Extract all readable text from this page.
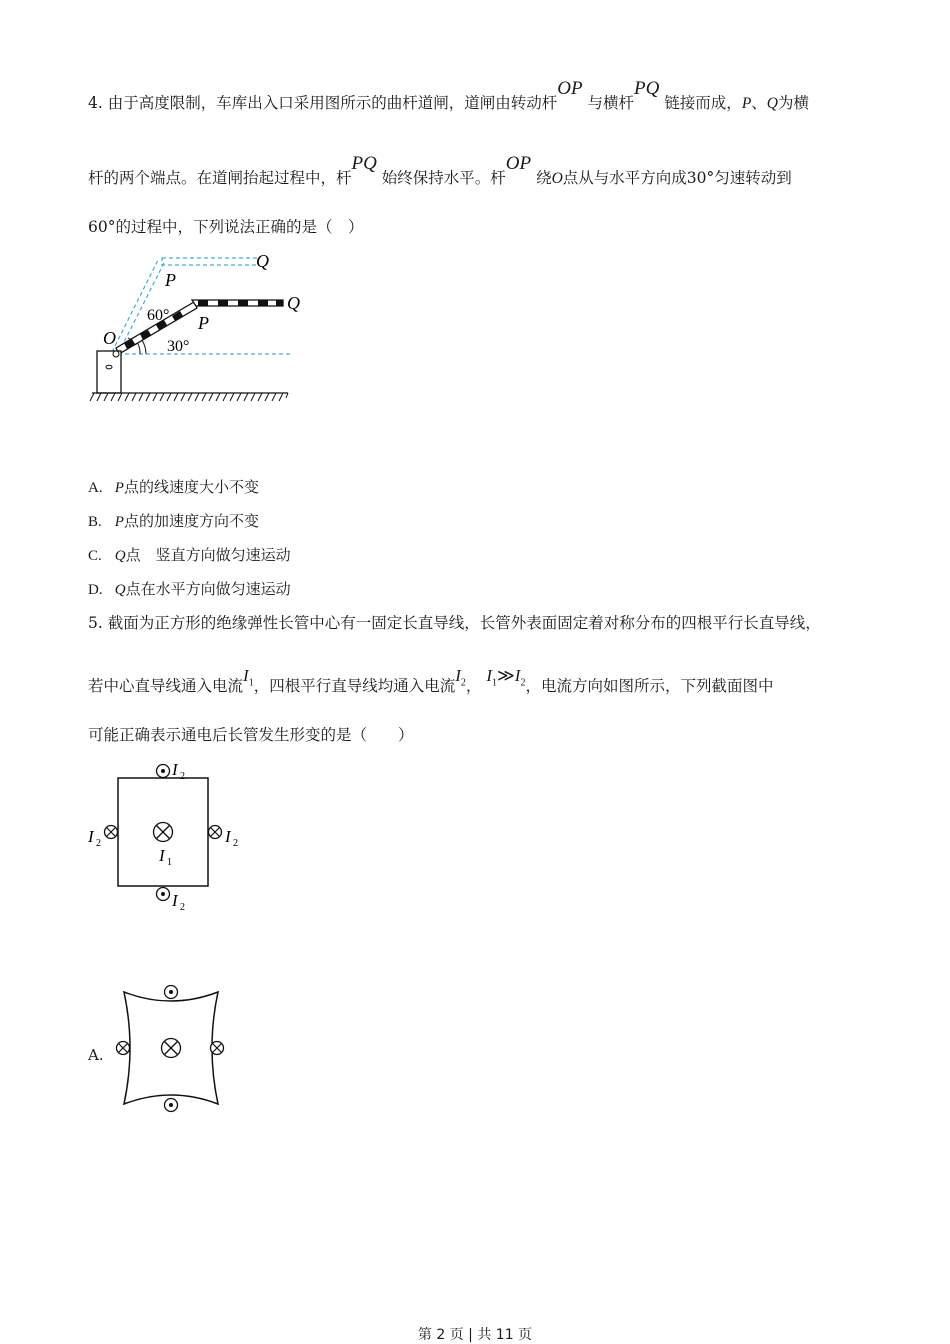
4. 由于高度限制，车库出入口采用图所示的曲杆道闸，道闸由转动杆OP 与横杆PQ 链接而成，P、Q为横
杆的两个端点。在道闸抬起过程中，杆PQ 始终保持水平。杆OP 绕O点从与水平方向成30°匀速转动到
60°的过程中，下列说法正确的是（　）
Q
P
Q
P
O
60°
30°
A. P点的线速度大小不变
B. P点的加速度方向不变
C. Q点　竖直方向做匀速运动
D. Q点在水平方向做匀速运动
5. 截面为正方形的绝缘弹性长管中心有一固定长直导线，长管外表面固定着对称分布的四根平行长直导线，
若中心直导线通入电流$I_1$，四根平行直导线均通入电流$I_2$， $I_1≫I_2$，电流方向如图所示，下列截面图中
可能正确表示通电后长管发生形变的是（　　）
I 2
I 2
I 2	I 2
I 1
A.
第 2 页 | 共 11 页
